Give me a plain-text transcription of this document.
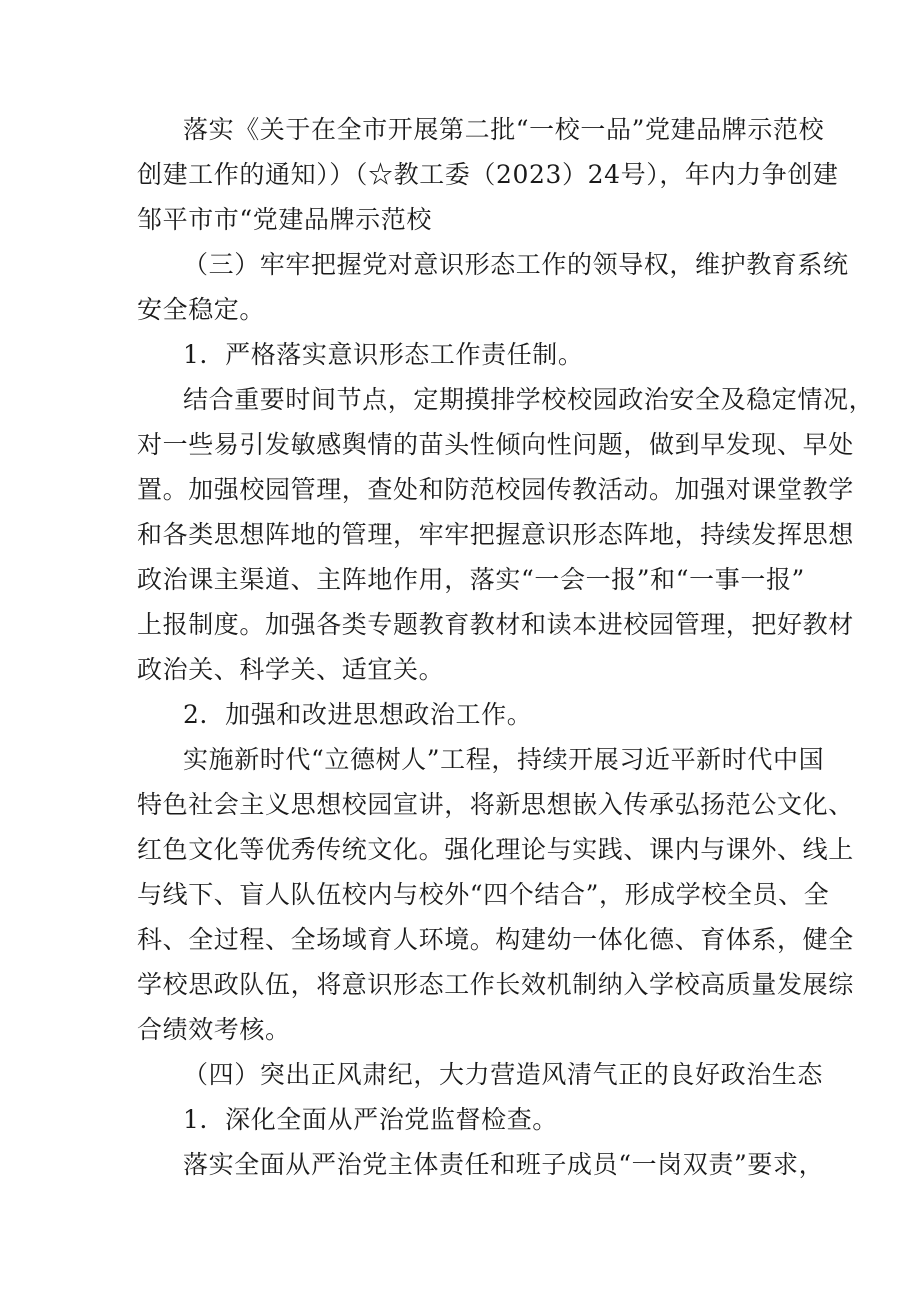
落实《关于在全市开展第二批“一校一品”党建品牌示范校
创建工作的通知））（☆教工委（2023）24号），年内力争创建
邹平市市“党建品牌示范校
（三）牢牢把握党对意识形态工作的领导权，维护教育系统
安全稳定。
1．严格落实意识形态工作责任制。
结合重要时间节点，定期摸排学校校园政治安全及稳定情况，
对一些易引发敏感舆情的苗头性倾向性问题，做到早发现、早处
置。加强校园管理，查处和防范校园传教活动。加强对课堂教学
和各类思想阵地的管理，牢牢把握意识形态阵地，持续发挥思想
政治课主渠道、主阵地作用，落实“一会一报”和“一事一报”
上报制度。加强各类专题教育教材和读本进校园管理，把好教材
政治关、科学关、适宜关。
2．加强和改进思想政治工作。
实施新时代“立德树人”工程，持续开展习近平新时代中国
特色社会主义思想校园宣讲，将新思想嵌入传承弘扬范公文化、
红色文化等优秀传统文化。强化理论与实践、课内与课外、线上
与线下、盲人队伍校内与校外“四个结合”，形成学校全员、全
科、全过程、全场域育人环境。构建幼一体化德、育体系，健全
学校思政队伍，将意识形态工作长效机制纳入学校高质量发展综
合绩效考核。
（四）突出正风肃纪，大力营造风清气正的良好政治生态
1．深化全面从严治党监督检查。
落实全面从严治党主体责任和班子成员“一岗双责”要求，
